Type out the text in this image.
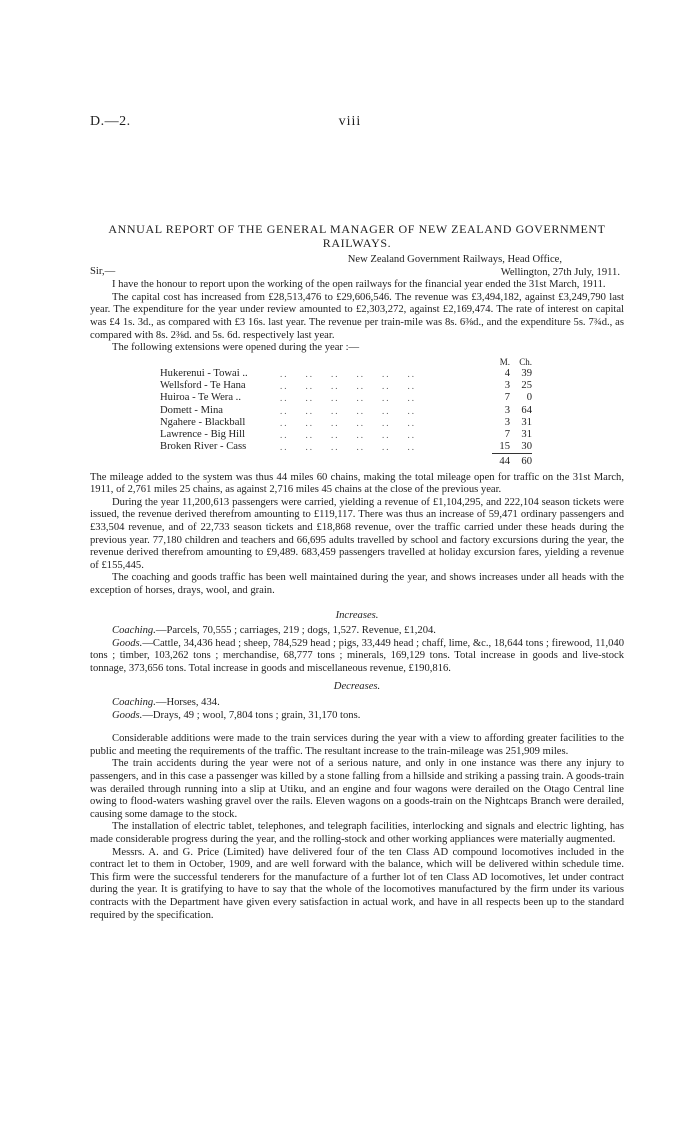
D.—2.	viii

ANNUAL REPORT OF THE GENERAL MANAGER OF NEW ZEALAND GOVERNMENT RAILWAYS.

Sir,—
New Zealand Government Railways, Head Office,
Wellington, 27th July, 1911.

I have the honour to report upon the working of the open railways for the financial year ended the 31st March, 1911.

The capital cost has increased from £28,513,476 to £29,606,546. The revenue was £3,494,182, against £3,249,790 last year. The expenditure for the year under review amounted to £2,303,272, against £2,169,474. The rate of interest on capital was £4 1s. 3d., as compared with £3 16s. last year. The revenue per train-mile was 8s. 6⅜d., and the expenditure 5s. 7¾d., as compared with 8s. 2⅜d. and 5s. 6d. respectively last year.

The following extensions were opened during the year :—

		M.	Ch.
Hukerenui - Towai ..	..    ..    ..    ..    ..    ..	4	39
Wellsford - Te Hana	..    ..    ..    ..    ..    ..	3	25
Huiroa - Te Wera ..	..    ..    ..    ..    ..    ..	7	0
Domett - Mina	..    ..    ..    ..    ..    ..	3	64
Ngahere - Blackball	..    ..    ..    ..    ..    ..	3	31
Lawrence - Big Hill	..    ..    ..    ..    ..    ..	7	31
Broken River - Cass	..    ..    ..    ..    ..    ..	15	30
		44	60

The mileage added to the system was thus 44 miles 60 chains, making the total mileage open for traffic on the 31st March, 1911, of 2,761 miles 25 chains, as against 2,716 miles 45 chains at the close of the previous year.

During the year 11,200,613 passengers were carried, yielding a revenue of £1,104,295, and 222,104 season tickets were issued, the revenue derived therefrom amounting to £119,117. There was thus an increase of 59,471 ordinary passengers and £33,504 revenue, and of 22,733 season tickets and £18,868 revenue, over the traffic carried under these heads during the previous year. 77,180 children and teachers and 66,695 adults travelled by school and factory excursions during the year, the revenue derived therefrom amounting to £9,489. 683,459 passengers travelled at holiday excursion fares, yielding a revenue of £155,445.

The coaching and goods traffic has been well maintained during the year, and shows increases under all heads with the exception of horses, drays, wool, and grain.

Increases.

Coaching.—Parcels, 70,555 ; carriages, 219 ; dogs, 1,527. Revenue, £1,204.

Goods.—Cattle, 34,436 head ; sheep, 784,529 head ; pigs, 33,449 head ; chaff, lime, &c., 18,644 tons ; firewood, 11,040 tons ; timber, 103,262 tons ; merchandise, 68,777 tons ; minerals, 169,129 tons. Total increase in goods and live-stock tonnage, 373,656 tons. Total increase in goods and miscellaneous revenue, £190,816.

Decreases.

Coaching.—Horses, 434.

Goods.—Drays, 49 ; wool, 7,804 tons ; grain, 31,170 tons.

Considerable additions were made to the train services during the year with a view to affording greater facilities to the public and meeting the requirements of the traffic. The resultant increase to the train-mileage was 251,909 miles.

The train accidents during the year were not of a serious nature, and only in one instance was there any injury to passengers, and in this case a passenger was killed by a stone falling from a hillside and striking a passing train. A goods-train was derailed through running into a slip at Utiku, and an engine and four wagons were derailed on the Otago Central line owing to flood-waters washing gravel over the rails. Eleven wagons on a goods-train on the Nightcaps Branch were derailed, causing some damage to the stock.

The installation of electric tablet, telephones, and telegraph facilities, interlocking and signals and electric lighting, has made considerable progress during the year, and the rolling-stock and other working appliances were materially augmented.

Messrs. A. and G. Price (Limited) have delivered four of the ten Class AD compound locomotives included in the contract let to them in October, 1909, and are well forward with the balance, which will be delivered within schedule time. This firm were the successful tenderers for the manufacture of a further lot of ten Class AD locomotives, let under contract during the year. It is gratifying to have to say that the whole of the locomotives manufactured by the firm under its various contracts with the Department have given every satisfaction in actual work, and have in all respects been up to the standard required by the specification.
